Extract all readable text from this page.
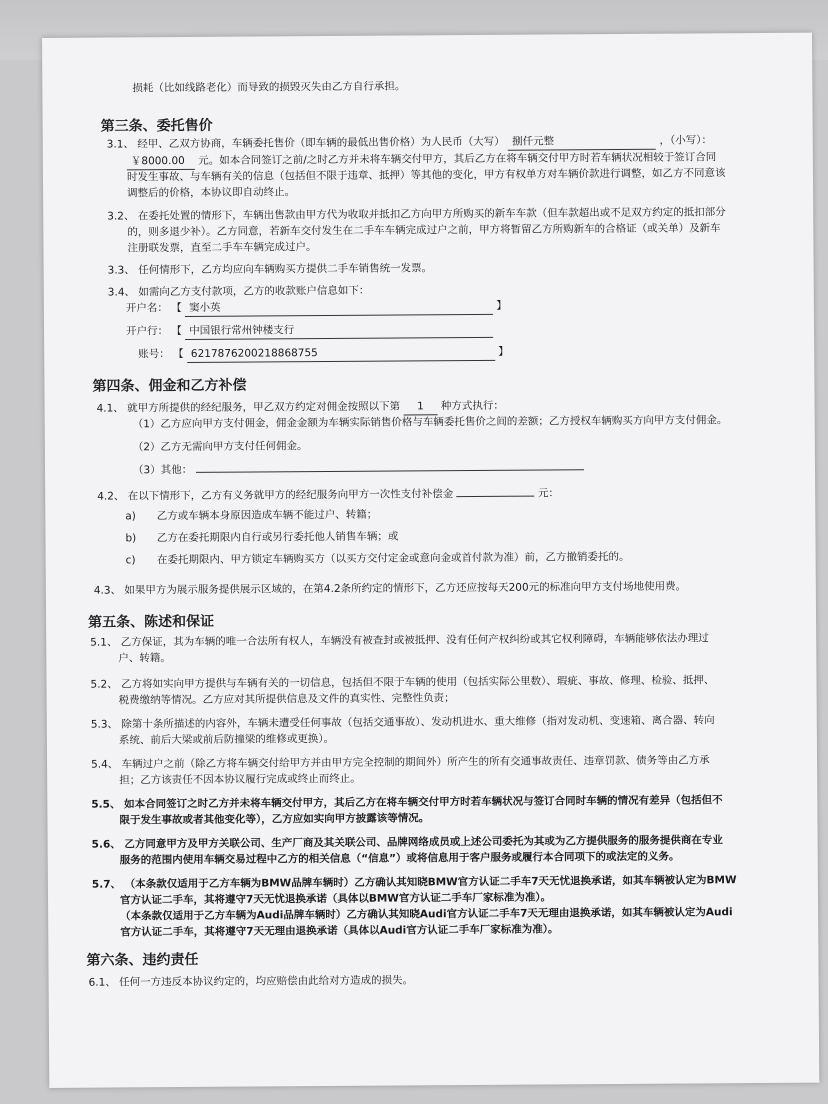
损耗（比如线路老化）而导致的损毁灭失由乙方自行承担。
第三条、委托售价
3.1、 经甲、乙双方协商，车辆委托售价（即车辆的最低出售价格）为人民币（大写） 捌仟元整	，（小写）：
￥8000.00 元。如本合同签订之前/之时乙方并未将车辆交付甲方，其后乙方在将车辆交付甲方时若车辆状况相较于签订合同
时发生事故、与车辆有关的信息（包括但不限于违章、抵押）等其他的变化，甲方有权单方对车辆价款进行调整，如乙方不同意该
调整后的价格，本协议即自动终止。
3.2、 在委托处置的情形下，车辆出售款由甲方代为收取并抵扣乙方向甲方所购买的新车车款（但车款超出或不足双方约定的抵扣部分
的，则多退少补）。乙方同意，若新车交付发生在二手车车辆完成过户之前，甲方将暂留乙方所购新车的合格证（或关单）及新车
注册联发票，直至二手车车辆完成过户。
3.3、 任何情形下，乙方均应向车辆购买方提供二手车销售统一发票。
3.4、 如需向乙方支付款项，乙方的收款账户信息如下：
开户名： 【 窦小英	】
开户行： 【 中国银行常州钟楼支行
账号： 【 6217876200218868755	】
第四条、佣金和乙方补偿
4.1、 就甲方所提供的经纪服务，甲乙双方约定对佣金按照以下第 1 种方式执行：
（1）乙方应向甲方支付佣金，佣金金额为车辆实际销售价格与车辆委托售价之间的差额；乙方授权车辆购买方向甲方支付佣金。
（2）乙方无需向甲方支付任何佣金。
（3）其他：
4.2、 在以下情形下，乙方有义务就甲方的经纪服务向甲方一次性支付补偿金	元：
a) 乙方或车辆本身原因造成车辆不能过户、转籍；
b) 乙方在委托期限内自行或另行委托他人销售车辆；或
c) 在委托期限内、甲方锁定车辆购买方（以买方交付定金或意向金或首付款为准）前，乙方撤销委托的。
4.3、 如果甲方为展示服务提供展示区域的，在第4.2条所约定的情形下，乙方还应按每天200元的标准向甲方支付场地使用费。
第五条、陈述和保证
5.1、 乙方保证，其为车辆的唯一合法所有权人，车辆没有被查封或被抵押、没有任何产权纠纷或其它权利障碍，车辆能够依法办理过
户、转籍。
5.2、 乙方将如实向甲方提供与车辆有关的一切信息，包括但不限于车辆的使用（包括实际公里数）、瑕疵、事故、修理、检验、抵押、
税费缴纳等情况。乙方应对其所提供信息及文件的真实性、完整性负责；
5.3、 除第十条所描述的内容外，车辆未遭受任何事故（包括交通事故）、发动机进水、重大维修（指对发动机、变速箱、离合器、转向
系统、前后大梁或前后防撞梁的维修或更换）。
5.4、 车辆过户之前（除乙方将车辆交付给甲方并由甲方完全控制的期间外）所产生的所有交通事故责任、违章罚款、债务等由乙方承
担；乙方该责任不因本协议履行完成或终止而终止。
5.5、 如本合同签订之时乙方并未将车辆交付甲方，其后乙方在将车辆交付甲方时若车辆状况与签订合同时车辆的情况有差异（包括但不
限于发生事故或者其他变化等），乙方应如实向甲方披露该等情况。
5.6、 乙方同意甲方及甲方关联公司、生产厂商及其关联公司、品牌网络成员或上述公司委托为其或为乙方提供服务的服务提供商在专业
服务的范围内使用车辆交易过程中乙方的相关信息（“信息”）或将信息用于客户服务或履行本合同项下的或法定的义务。
5.7、 （本条款仅适用于乙方车辆为BMW品牌车辆时）乙方确认其知晓BMW官方认证二手车7天无忧退换承诺，如其车辆被认定为BMW
官方认证二手车，其将遵守7天无忧退换承诺（具体以BMW官方认证二手车厂家标准为准）。
（本条款仅适用于乙方车辆为Audi品牌车辆时）乙方确认其知晓Audi官方认证二手车7天无理由退换承诺，如其车辆被认定为Audi
官方认证二手车，其将遵守7天无理由退换承诺（具体以Audi官方认证二手车厂家标准为准）。
第六条、违约责任
6.1、 任何一方违反本协议约定的，均应赔偿由此给对方造成的损失。
